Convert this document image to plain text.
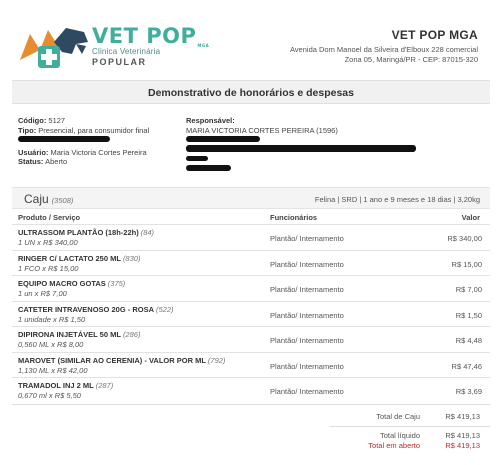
VET POPMGA
Clinica Veterinária
POPULAR
VET POP MGA
Avenida Dom Manoel da Silveira d'Elboux 228 comercial
Zona 05, Maringá/PR - CEP: 87015-320
Demonstrativo de honorários e despesas
Código: 5127
Tipo: Presencial, para consumidor final
Usuário: Maria Victoria Cortes Pereira
Status: Aberto
Responsável:
MARIA VICTORIA CORTES PEREIRA (1596)
Caju (3508)	Felina | SRD | 1 ano e 9 meses e 18 dias | 3,20kg
Produto / Serviço	Funcionários	Valor
ULTRASSOM PLANTÃO (18h-22h) (84)
1 UN x R$ 340,00	Plantão/ Internamento	R$ 340,00
RINGER C/ LACTATO 250 ML (830)
1 FCO x R$ 15,00	Plantão/ Internamento	R$ 15,00
EQUIPO MACRO GOTAS (375)
1 un x R$ 7,00	Plantão/ Internamento	R$ 7,00
CATETER INTRAVENOSO 20G - ROSA (522)
1 unidade x R$ 1,50	Plantão/ Internamento	R$ 1,50
DIPIRONA INJETÁVEL 50 ML (286)
0,560 ML x R$ 8,00	Plantão/ Internamento	R$ 4,48
MAROVET (SIMILAR AO CERENIA) - VALOR POR ML (792)
1,130 ML x R$ 42,00	Plantão/ Internamento	R$ 47,46
TRAMADOL INJ 2 ML (287)
0,670 ml x R$ 5,50	Plantão/ Internamento	R$ 3,69
Total de Caju	R$ 419,13
Total líquido	R$ 419,13
Total em aberto	R$ 419,13
